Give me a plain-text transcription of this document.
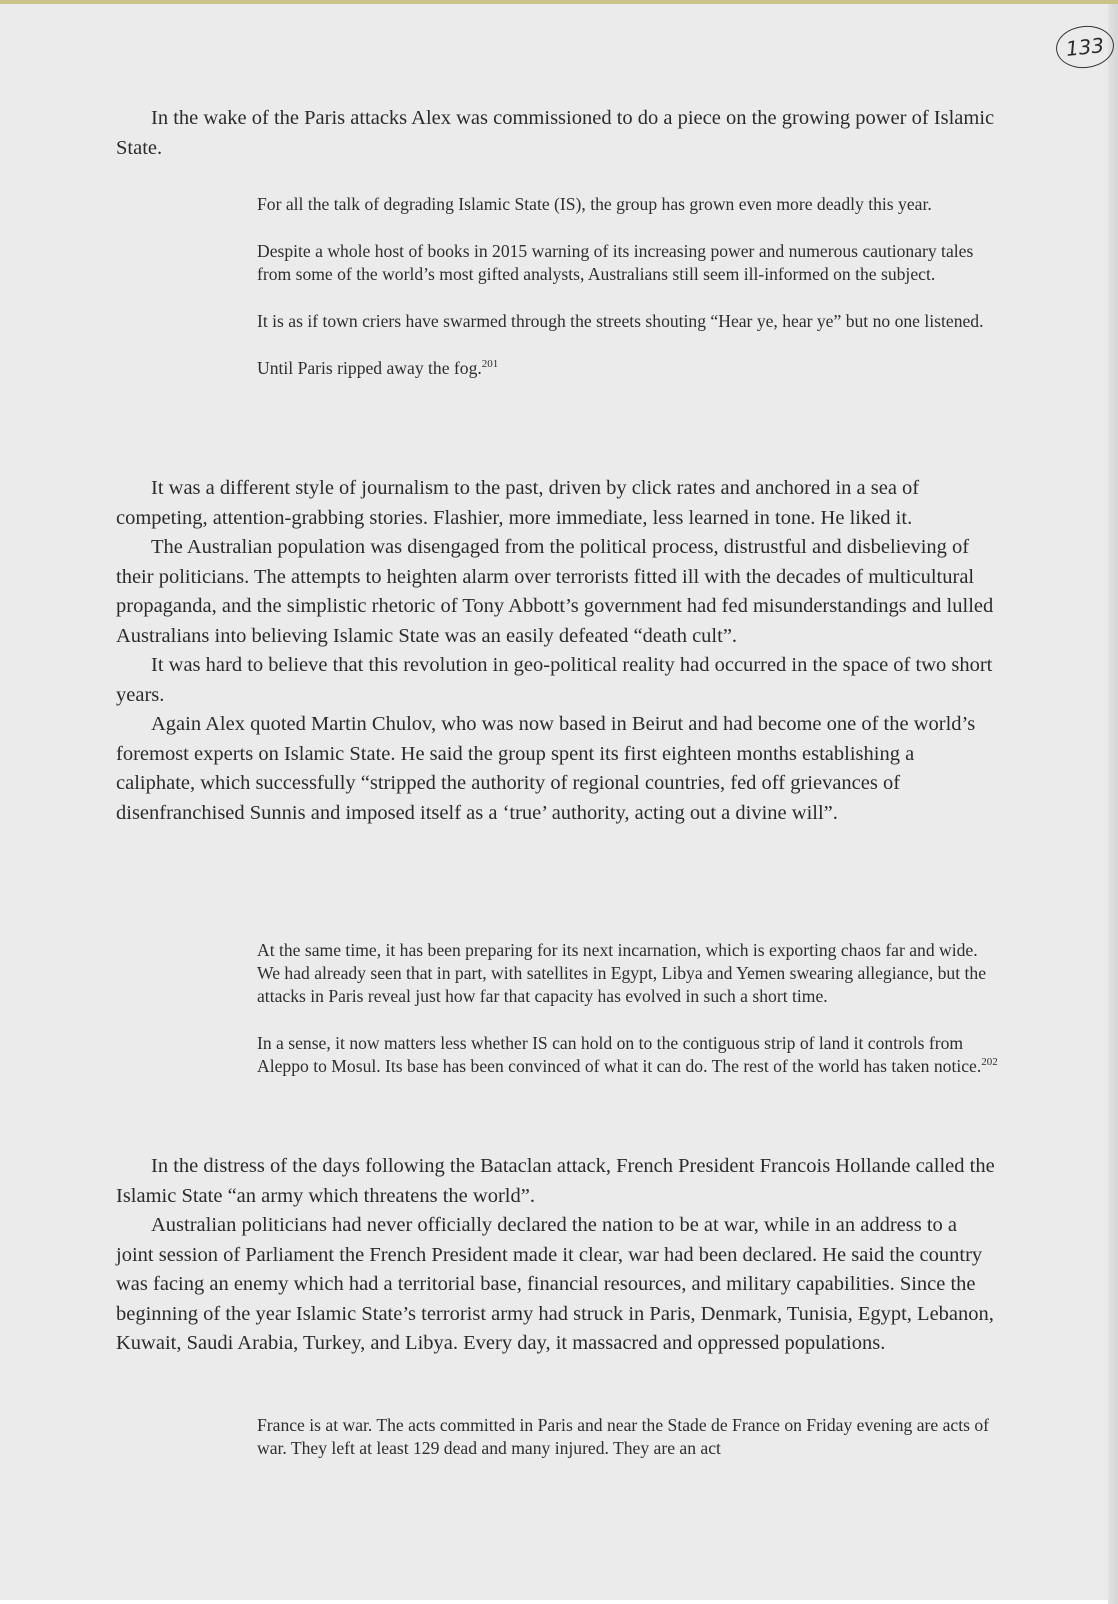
133

In the wake of the Paris attacks Alex was commissioned to do a piece on the growing power of Islamic State.

For all the talk of degrading Islamic State (IS), the group has grown even more deadly this year.

Despite a whole host of books in 2015 warning of its increasing power and numerous cautionary tales from some of the world’s most gifted analysts, Australians still seem ill-informed on the subject.

It is as if town criers have swarmed through the streets shouting “Hear ye, hear ye” but no one listened.

Until Paris ripped away the fog.$^{201}$

It was a different style of journalism to the past, driven by click rates and anchored in a sea of competing, attention-grabbing stories. Flashier, more immediate, less learned in tone. He liked it.

The Australian population was disengaged from the political process, distrustful and disbelieving of their politicians. The attempts to heighten alarm over terrorists fitted ill with the decades of multicultural propaganda, and the simplistic rhetoric of Tony Abbott’s government had fed misunderstandings and lulled Australians into believing Islamic State was an easily defeated “death cult”.

It was hard to believe that this revolution in geo-political reality had occurred in the space of two short years.

Again Alex quoted Martin Chulov, who was now based in Beirut and had become one of the world’s foremost experts on Islamic State. He said the group spent its first eighteen months establishing a caliphate, which successfully “stripped the authority of regional countries, fed off grievances of disenfranchised Sunnis and imposed itself as a ‘true’ authority, acting out a divine will”.

At the same time, it has been preparing for its next incarnation, which is exporting chaos far and wide. We had already seen that in part, with satellites in Egypt, Libya and Yemen swearing allegiance, but the attacks in Paris reveal just how far that capacity has evolved in such a short time.

In a sense, it now matters less whether IS can hold on to the contiguous strip of land it controls from Aleppo to Mosul. Its base has been convinced of what it can do. The rest of the world has taken notice.$^{202}$

In the distress of the days following the Bataclan attack, French President Francois Hollande called the Islamic State “an army which threatens the world”.

Australian politicians had never officially declared the nation to be at war, while in an address to a joint session of Parliament the French President made it clear, war had been declared. He said the country was facing an enemy which had a territorial base, financial resources, and military capabilities. Since the beginning of the year Islamic State’s terrorist army had struck in Paris, Denmark, Tunisia, Egypt, Lebanon, Kuwait, Saudi Arabia, Turkey, and Libya. Every day, it massacred and oppressed populations.

France is at war. The acts committed in Paris and near the Stade de France on Friday evening are acts of war. They left at least 129 dead and many injured. They are an act
